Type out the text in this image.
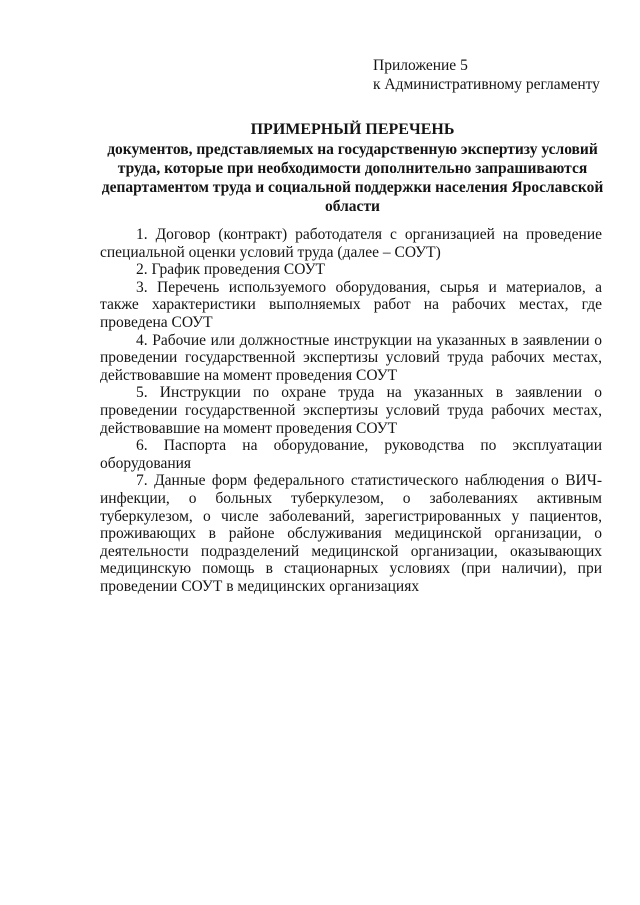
Приложение 5
к Административному регламенту
ПРИМЕРНЫЙ ПЕРЕЧЕНЬ
документов, представляемых на государственную экспертизу условий труда, которые при необходимости дополнительно запрашиваются департаментом труда и социальной поддержки населения Ярославской области

1. Договор (контракт) работодателя с организацией на проведение специальной оценки условий труда (далее – СОУТ)

2. График проведения СОУТ

3. Перечень используемого оборудования, сырья и материалов, а также характеристики выполняемых работ на рабочих местах, где проведена СОУТ

4. Рабочие или должностные инструкции на указанных в заявлении о проведении государственной экспертизы условий труда рабочих местах, действовавшие на момент проведения СОУТ

5. Инструкции по охране труда на указанных в заявлении о проведении государственной экспертизы условий труда рабочих местах, действовавшие на момент проведения СОУТ

6. Паспорта на оборудование, руководства по эксплуатации оборудования

7. Данные форм федерального статистического наблюдения о ВИЧ-инфекции, о больных туберкулезом, о заболеваниях активным туберкулезом, о числе заболеваний, зарегистрированных у пациентов, проживающих в районе обслуживания медицинской организации, о деятельности подразделений медицинской организации, оказывающих медицинскую помощь в стационарных условиях (при наличии), при проведении СОУТ в медицинских организациях
